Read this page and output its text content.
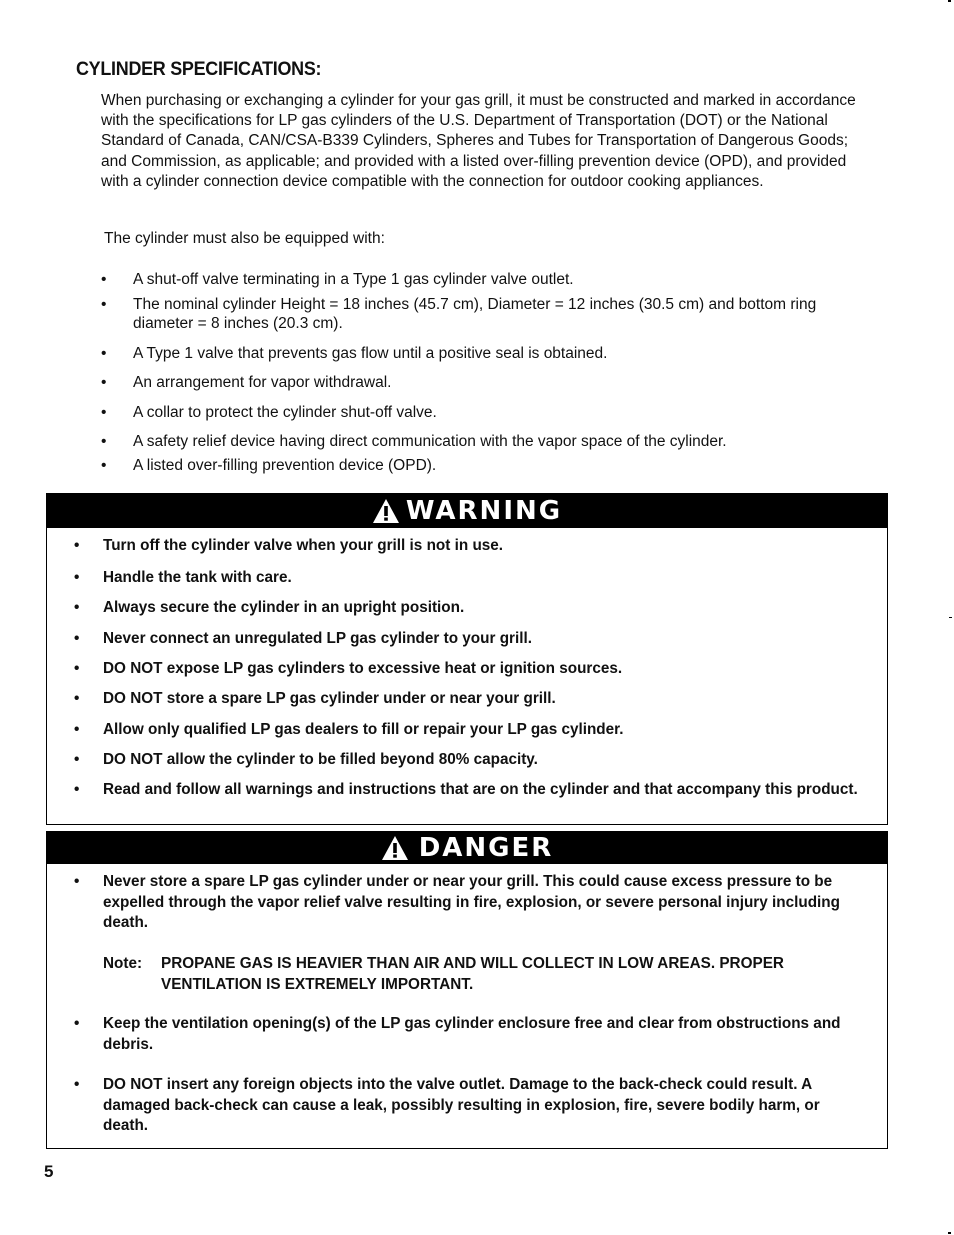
CYLINDER SPECIFICATIONS:

When purchasing or exchanging a cylinder for your gas grill, it must be constructed and marked in accordance with the specifications for LP gas cylinders of the U.S. Department of Transportation (DOT) or the National Standard of Canada, CAN/CSA-B339 Cylinders, Spheres and Tubes for Transportation of Dangerous Goods; and Commission, as applicable; and provided with a listed over-filling prevention device (OPD), and provided with a cylinder connection device compatible with the connection for outdoor cooking appliances.

The cylinder must also be equipped with:

• A shut-off valve terminating in a Type 1 gas cylinder valve outlet.
• The nominal cylinder Height = 18 inches (45.7 cm), Diameter = 12 inches (30.5 cm) and bottom ring diameter = 8 inches (20.3 cm).
• A Type 1 valve that prevents gas flow until a positive seal is obtained.
• An arrangement for vapor withdrawal.
• A collar to protect the cylinder shut-off valve.
• A safety relief device having direct communication with the vapor space of the cylinder.
• A listed over-filling prevention device (OPD).
WARNING
• Turn off the cylinder valve when your grill is not in use.
• Handle the tank with care.
• Always secure the cylinder in an upright position.
• Never connect an unregulated LP gas cylinder to your grill.
• DO NOT expose LP gas cylinders to excessive heat or ignition sources.
• DO NOT store a spare LP gas cylinder under or near your grill.
• Allow only qualified LP gas dealers to fill or repair your LP gas cylinder.
• DO NOT allow the cylinder to be filled beyond 80% capacity.
• Read and follow all warnings and instructions that are on the cylinder and that accompany this product.
DANGER
• Never store a spare LP gas cylinder under or near your grill. This could cause excess pressure to be expelled through the vapor relief valve resulting in fire, explosion, or severe personal injury including death.
• Keep the ventilation opening(s) of the LP gas cylinder enclosure free and clear from obstructions and debris.
• DO NOT insert any foreign objects into the valve outlet. Damage to the back-check could result. A damaged back-check can cause a leak, possibly resulting in explosion, fire, severe bodily harm, or death.
Note: PROPANE GAS IS HEAVIER THAN AIR AND WILL COLLECT IN LOW AREAS. PROPER VENTILATION IS EXTREMELY IMPORTANT.
5
